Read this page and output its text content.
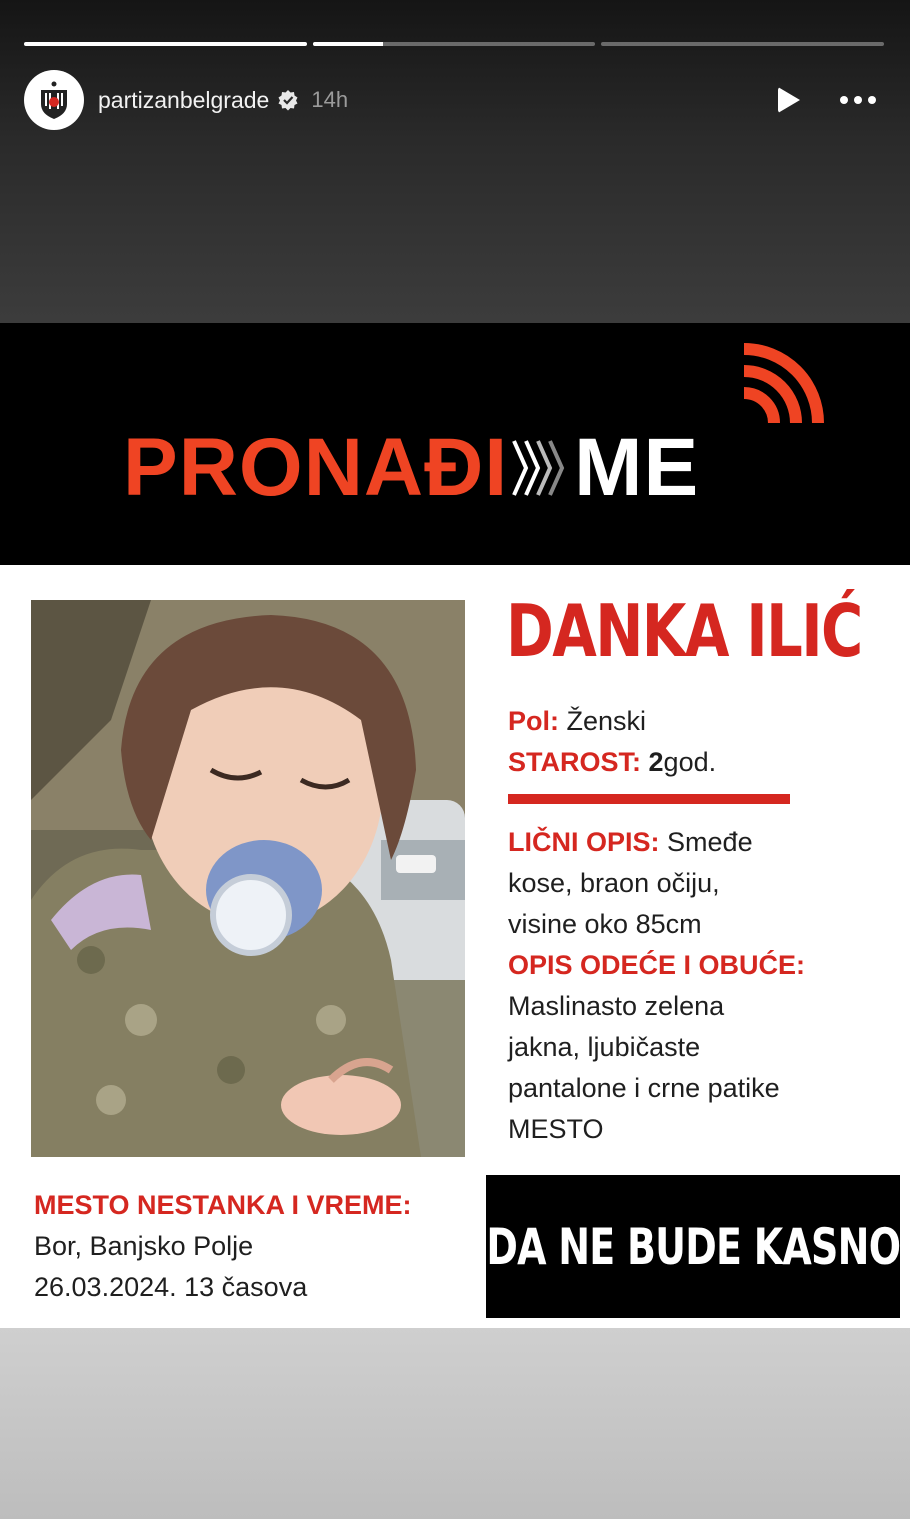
partizanbelgrade 14h
PRONAĐI ME
DANKA ILIĆ
Pol: Ženski
STAROST: 2god.
LIČNI OPIS: Smeđe
kose, braon očiju,
visine oko 85cm
OPIS ODEĆE I OBUĆE:
Maslinasto zelena
jakna, ljubičaste
pantalone i crne patike
MESTO
MESTO NESTANKA I VREME:
Bor, Banjsko Polje
26.03.2024. 13 časova
DA NE BUDE KASNO
